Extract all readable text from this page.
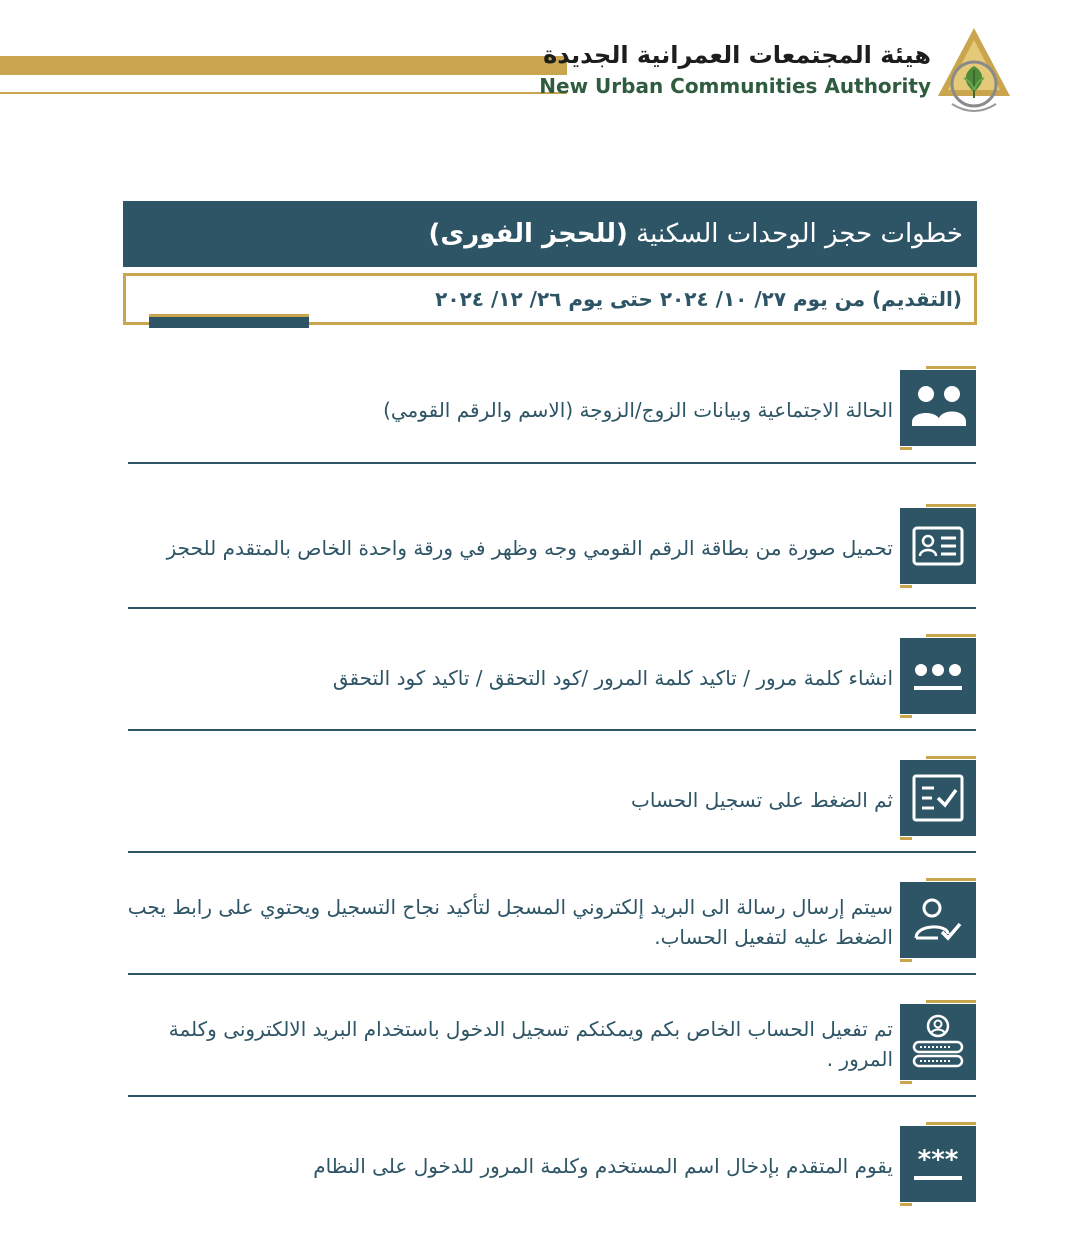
هيئة المجتمعات العمرانية الجديدة
New Urban Communities Authority
خطوات حجز الوحدات السكنية (للحجز الفورى)
(التقديم) من يوم ٢٧/ ١٠/ ٢٠٢٤ حتى يوم ٢٦/ ١٢/ ٢٠٢٤
الحالة الاجتماعية وبيانات الزوج/الزوجة (الاسم والرقم القومي)
تحميل صورة من بطاقة الرقم القومي وجه وظهر في ورقة واحدة الخاص بالمتقدم للحجز
انشاء كلمة مرور / تاكيد كلمة المرور /كود التحقق / تاكيد كود التحقق
ثم الضغط على تسجيل الحساب
سيتم إرسال رسالة الى البريد إلكتروني المسجل لتأكيد نجاح التسجيل ويحتوي على رابط يجب الضغط عليه لتفعيل الحساب.
تم تفعيل الحساب الخاص بكم ويمكنكم تسجيل الدخول باستخدام البريد الالكترونى وكلمة المرور .
***
يقوم المتقدم بإدخال اسم المستخدم وكلمة المرور للدخول على النظام
